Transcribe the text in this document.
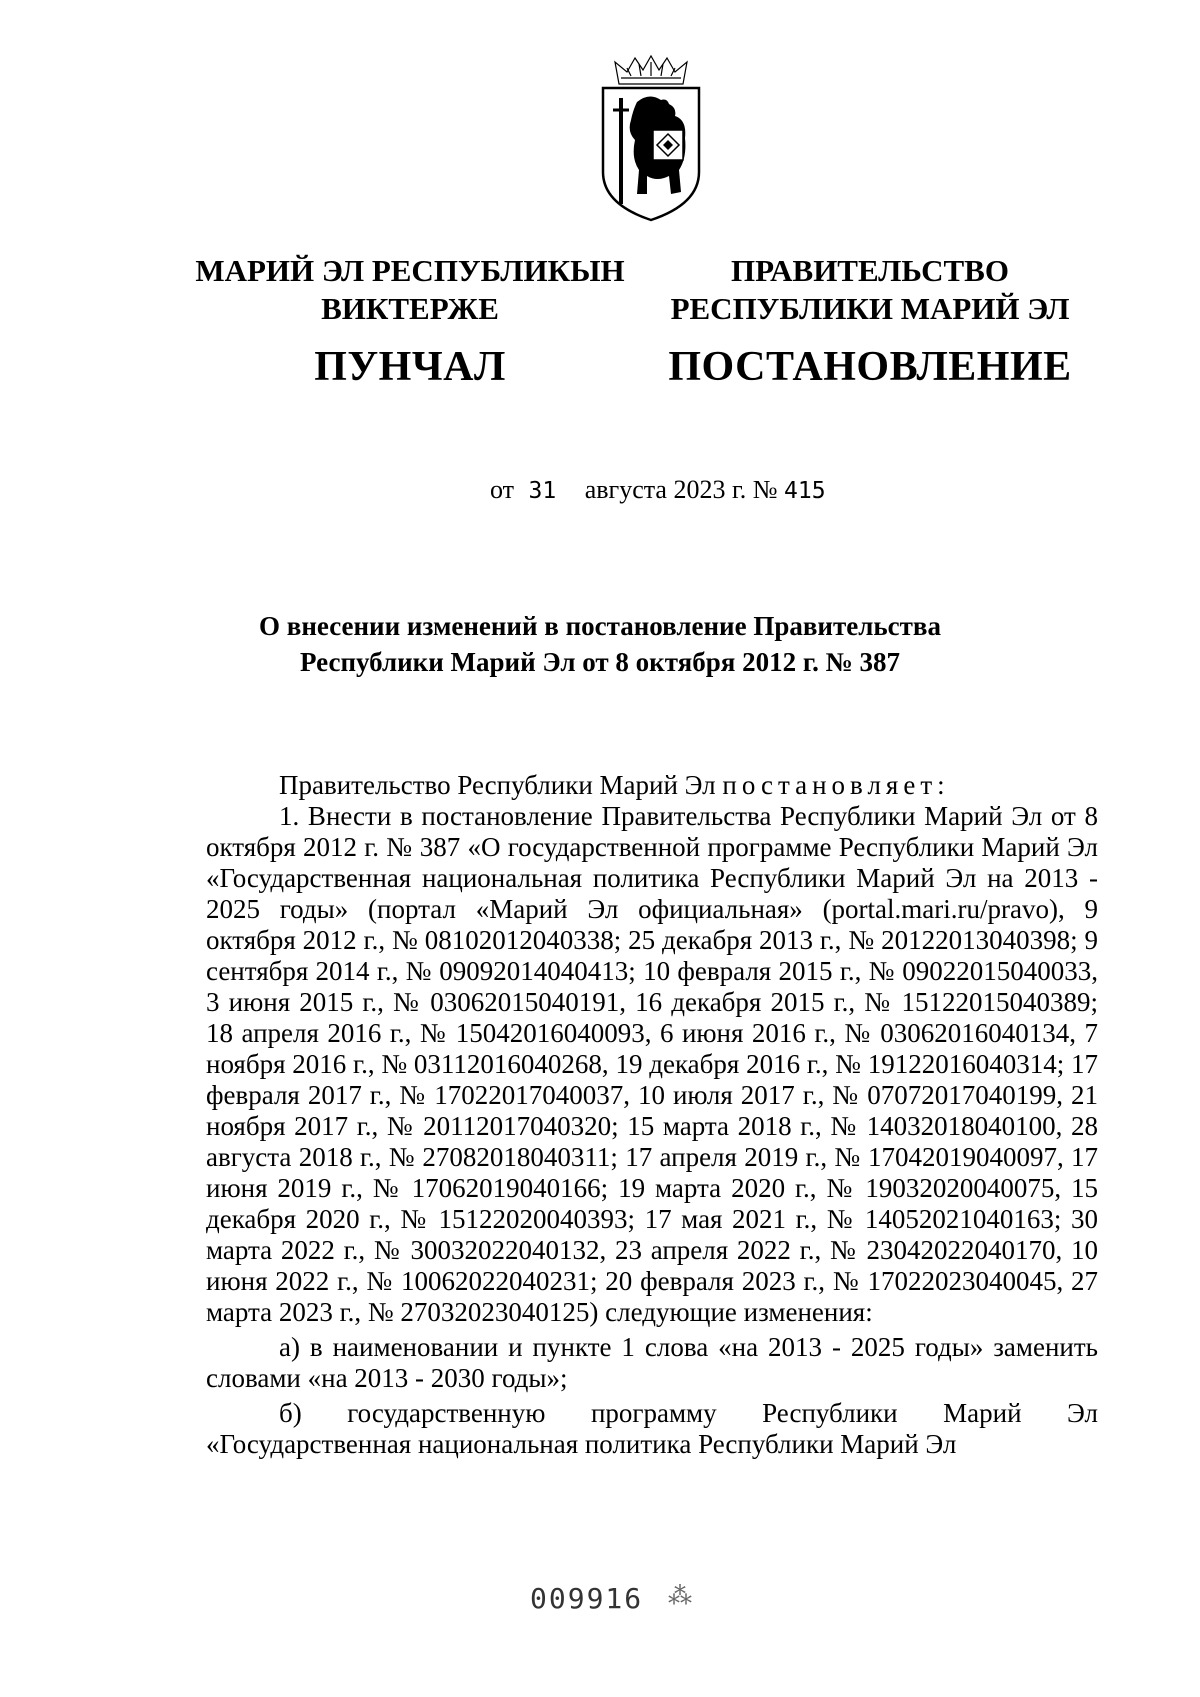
МАРИЙ ЭЛ РЕСПУБЛИКЫН
ВИКТЕРЖЕ
ПУНЧАЛ
ПРАВИТЕЛЬСТВО
РЕСПУБЛИКИ МАРИЙ ЭЛ
ПОСТАНОВЛЕНИЕ
от 31 августа 2023 г. № 415
О внесении изменений в постановление Правительства
Республики Марий Эл от 8 октября 2012 г. № 387

Правительство Республики Марий Эл постановляет:

1. Внести в постановление Правительства Республики Марий Эл от 8 октября 2012 г. № 387 «О государственной программе Республики Марий Эл «Государственная национальная политика Республики Марий Эл на 2013 - 2025 годы» (портал «Марий Эл официальная» (portal.mari.ru/pravo), 9 октября 2012 г., № 08102012040338; 25 декабря 2013 г., № 20122013040398; 9 сентября 2014 г., № 09092014040413; 10 февраля 2015 г., № 09022015040033, 3 июня 2015 г., № 03062015040191, 16 декабря 2015 г., № 15122015040389; 18 апреля 2016 г., № 15042016040093, 6 июня 2016 г., № 03062016040134, 7 ноября 2016 г., № 03112016040268, 19 декабря 2016 г., № 19122016040314; 17 февраля 2017 г., № 17022017040037, 10 июля 2017 г., № 07072017040199, 21 ноября 2017 г., № 20112017040320; 15 марта 2018 г., № 14032018040100, 28 августа 2018 г., № 27082018040311; 17 апреля 2019 г., № 17042019040097, 17 июня 2019 г., № 17062019040166; 19 марта 2020 г., № 19032020040075, 15 декабря 2020 г., № 15122020040393; 17 мая 2021 г., № 14052021040163; 30 марта 2022 г., № 30032022040132, 23 апреля 2022 г., № 23042022040170, 10 июня 2022 г., № 10062022040231; 20 февраля 2023 г., № 17022023040045, 27 марта 2023 г., № 27032023040125) следующие изменения:

а) в наименовании и пункте 1 слова «на 2013 - 2025 годы» заменить словами «на 2013 - 2030 годы»;

б) государственную программу Республики Марий Эл «Государственная национальная политика Республики Марий Эл

009916 ⁂
